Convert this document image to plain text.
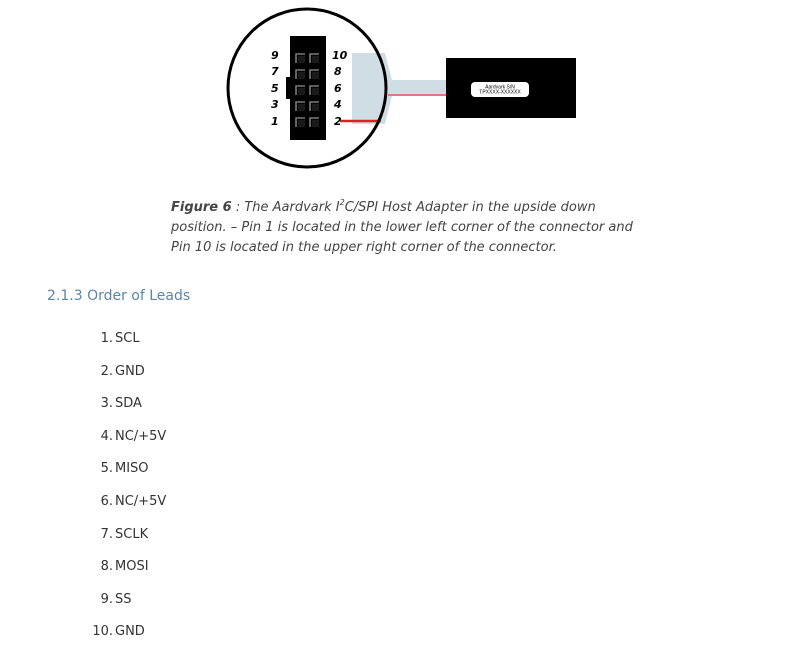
9
7
5
3
1
10
8
6
4
2
Aardvark S/N
TPXXXX-XXXXXX

Figure 6 : The Aardvark $I^2C$/SPI Host Adapter in the upside down position. – Pin 1 is located in the lower left corner of the connector and Pin 10 is located in the upper right corner of the connector.

2.1.3 Order of Leads
1. SCL
2. GND
3. SDA
4. NC/+5V
5. MISO
6. NC/+5V
7. SCLK
8. MOSI
9. SS
10. GND
